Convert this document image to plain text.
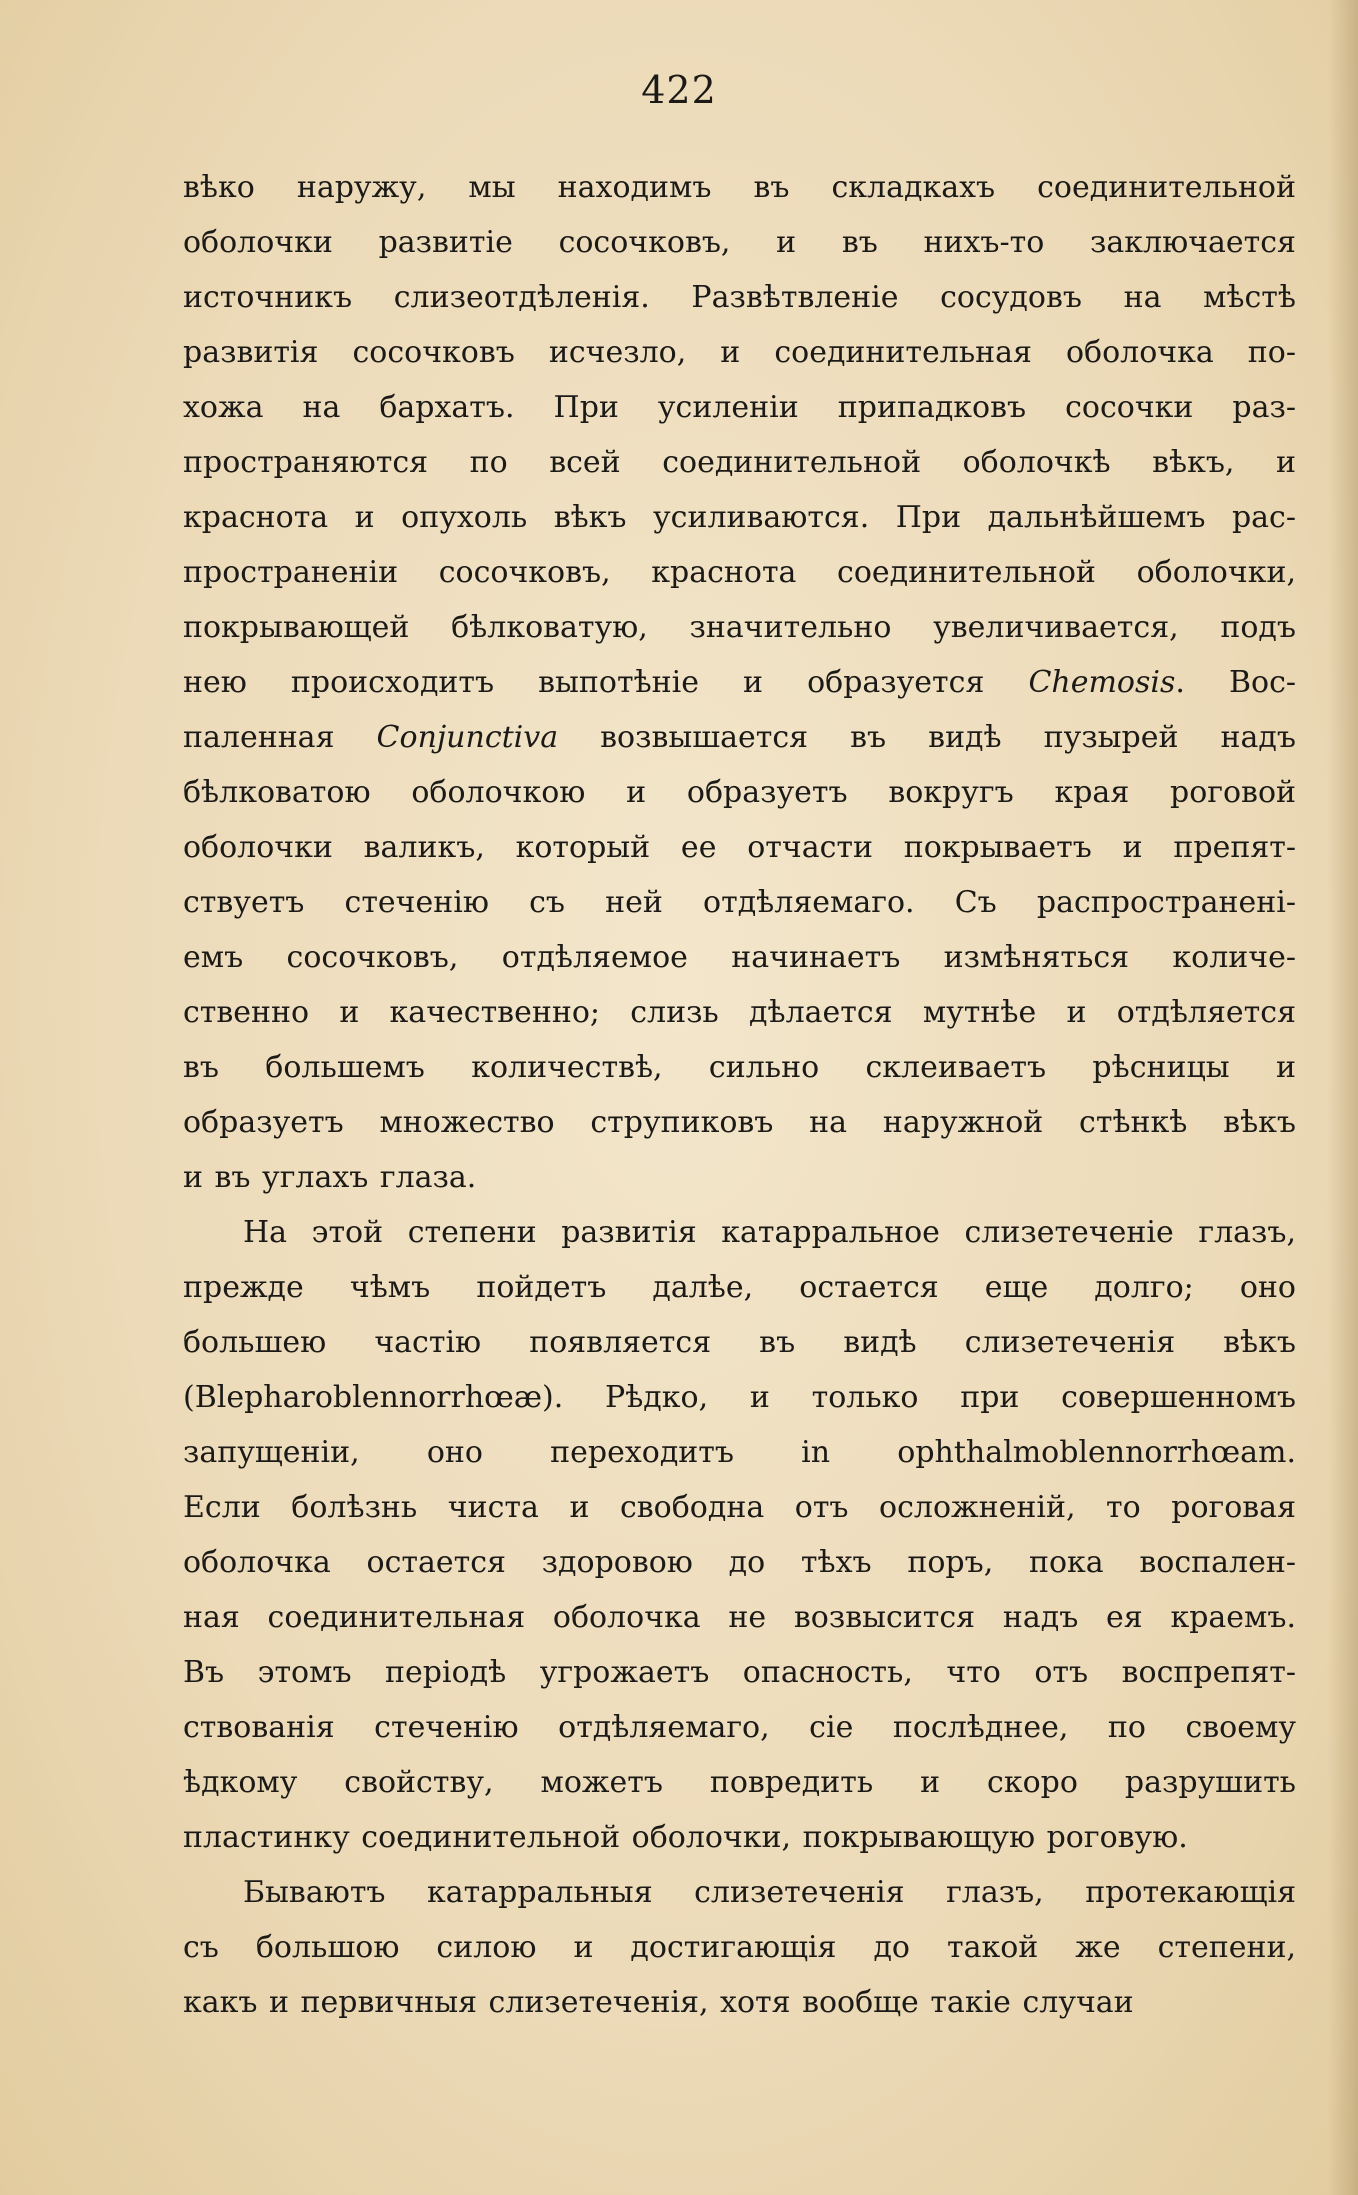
422
вѣко наружу, мы находимъ въ складкахъ соединительной
оболочки развитіе сосочковъ, и въ нихъ-то заключается
источникъ слизеотдѣленія. Развѣтвленіе сосудовъ на мѣстѣ
развитія сосочковъ исчезло, и соединительная оболочка по-
хожа на бархатъ. При усиленіи припадковъ сосочки раз-
пространяются по всей соединительной оболочкѣ вѣкъ, и
краснота и опухоль вѣкъ усиливаются. При дальнѣйшемъ рас-
пространеніи сосочковъ, краснота соединительной оболочки,
покрывающей бѣлковатую, значительно увеличивается, подъ
нею происходитъ выпотѣніе и образуется Chemosis. Вос-
паленная Conjunctiva возвышается въ видѣ пузырей надъ
бѣлковатою оболочкою и образуетъ вокругъ края роговой
оболочки валикъ, который ее отчасти покрываетъ и препят-
ствуетъ стеченію съ ней отдѣляемаго. Съ распространені-
емъ сосочковъ, отдѣляемое начинаетъ измѣняться количе-
ственно и качественно; слизь дѣлается мутнѣе и отдѣляется
въ большемъ количествѣ, сильно склеиваетъ рѣсницы и
образуетъ множество струпиковъ на наружной стѣнкѣ вѣкъ
и въ углахъ глаза.
На этой степени развитія катарральное слизетеченіе глазъ,
прежде чѣмъ пойдетъ далѣе, остается еще долго; оно
большею частію появляется въ видѣ слизетеченія вѣкъ
(Blepharoblennorrhœæ). Рѣдко, и только при совершенномъ
запущеніи, оно переходитъ in ophthalmoblennorrhœam.
Если болѣзнь чиста и свободна отъ осложненій, то роговая
оболочка остается здоровою до тѣхъ поръ, пока воспален-
ная соединительная оболочка не возвысится надъ ея краемъ.
Въ этомъ періодѣ угрожаетъ опасность, что отъ воспрепят-
ствованія стеченію отдѣляемаго, сіе послѣднее, по своему
ѣдкому свойству, можетъ повредить и скоро разрушить
пластинку соединительной оболочки, покрывающую роговую.
Бываютъ катарральныя слизетеченія глазъ, протекающія
съ большою силою и достигающія до такой же степени,
какъ и первичныя слизетеченія, хотя вообще такіе случаи
